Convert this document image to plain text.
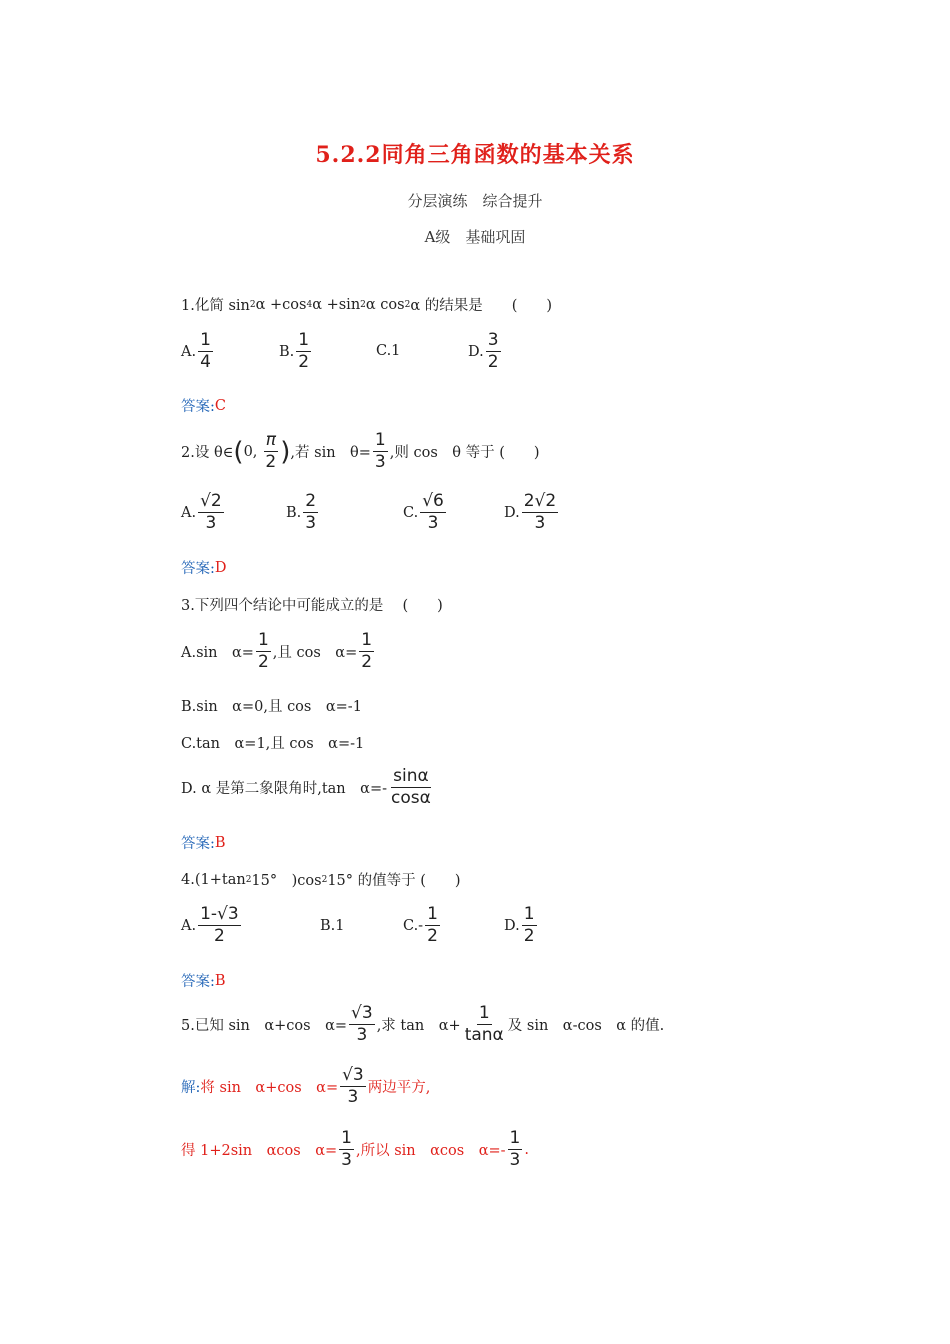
5.2.2同角三角函数的基本关系
分层演练　综合提升
A级　基础巩固
1.化简 sin 2 α +cos 4 α +sin 2 α cos 2 α 的结果是　　(　　)
A. $\frac{1}{4}$	B. $\frac{1}{2}$	C.1	D. $\frac{3}{2}$
答案: C
2.设 θ∈ ( 0, $\frac{\pi}{2}$ ) ,若 sin　$\theta= \frac{1}{3}$ ,则 cos　θ 等于 (　　)
A. $\frac{√2}{3}$	B. $\frac{2}{3}$	C. $\frac{√6}{3}$	D. $\frac{2√2}{3}$
答案: D
3.下列四个结论中可能成立的是　 (　　)
A.sin　$\alpha= \frac{1}{2}$ ,且 cos　$\alpha= \frac{1}{2}$
B.sin　α=0,且 cos　α=-1
C.tan　α=1,且 cos　α=-1
D. α 是第二象限角时,tan　$\alpha=- \frac{\sin\alpha}{\cos\alpha}$
答案: B
4.(1+tan 2 15°　)cos 2 15° 的值等于 (　　)
A. $\frac{1-√3}{2}$	B.1	$C.- \frac{1}{2}$	D. $\frac{1}{2}$
答案: B
5.已知 sin　α+cos　$\alpha= \frac{√3}{3}$ ,求 tan　$\alpha+ \frac{1}{\tan\alpha}$ 及 sin　α-cos　α 的值.
解: 将 sin　α+cos　$\alpha= \frac{√3}{3}$ 两边平方,
得 1+2sin　αcos　$\alpha= \frac{1}{3}$ ,所以 sin　αcos　$\alpha=- \frac{1}{3}$ .
